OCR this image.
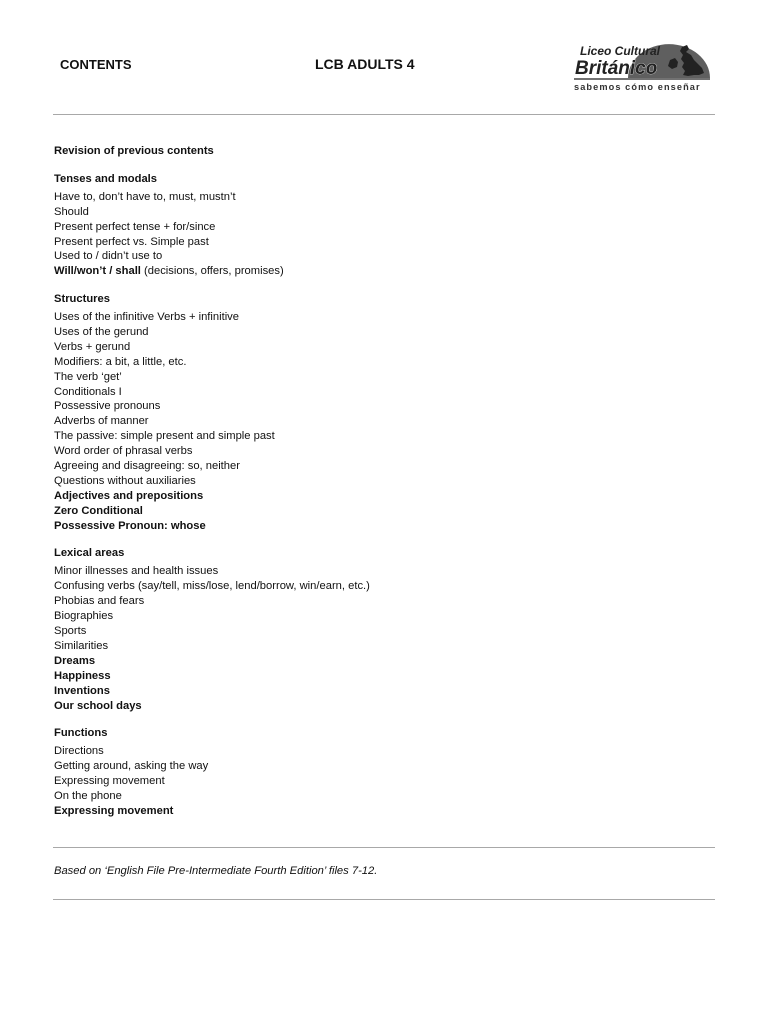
CONTENTS	LCB ADULTS 4
Liceo Cultural
Británico
sabemos cómo enseñar
Revision of previous contents
Tenses and modals
Have to, don’t have to, must, mustn’t
Should
Present perfect tense + for/since
Present perfect vs. Simple past
Used to / didn’t use to
Will/won’t / shall (decisions, offers, promises)
Structures
Uses of the infinitive Verbs + infinitive
Uses of the gerund
Verbs + gerund
Modifiers: a bit, a little, etc.
The verb ‘get’
Conditionals I
Possessive pronouns
Adverbs of manner
The passive: simple present and simple past
Word order of phrasal verbs
Agreeing and disagreeing: so, neither
Questions without auxiliaries
Adjectives and prepositions
Zero Conditional
Possessive Pronoun: whose
Lexical areas
Minor illnesses and health issues
Confusing verbs (say/tell, miss/lose, lend/borrow, win/earn, etc.)
Phobias and fears
Biographies
Sports
Similarities
Dreams
Happiness
Inventions
Our school days
Functions
Directions
Getting around, asking the way
Expressing movement
On the phone
Expressing movement
Based on ‘English File Pre-Intermediate Fourth Edition’ files 7-12.
